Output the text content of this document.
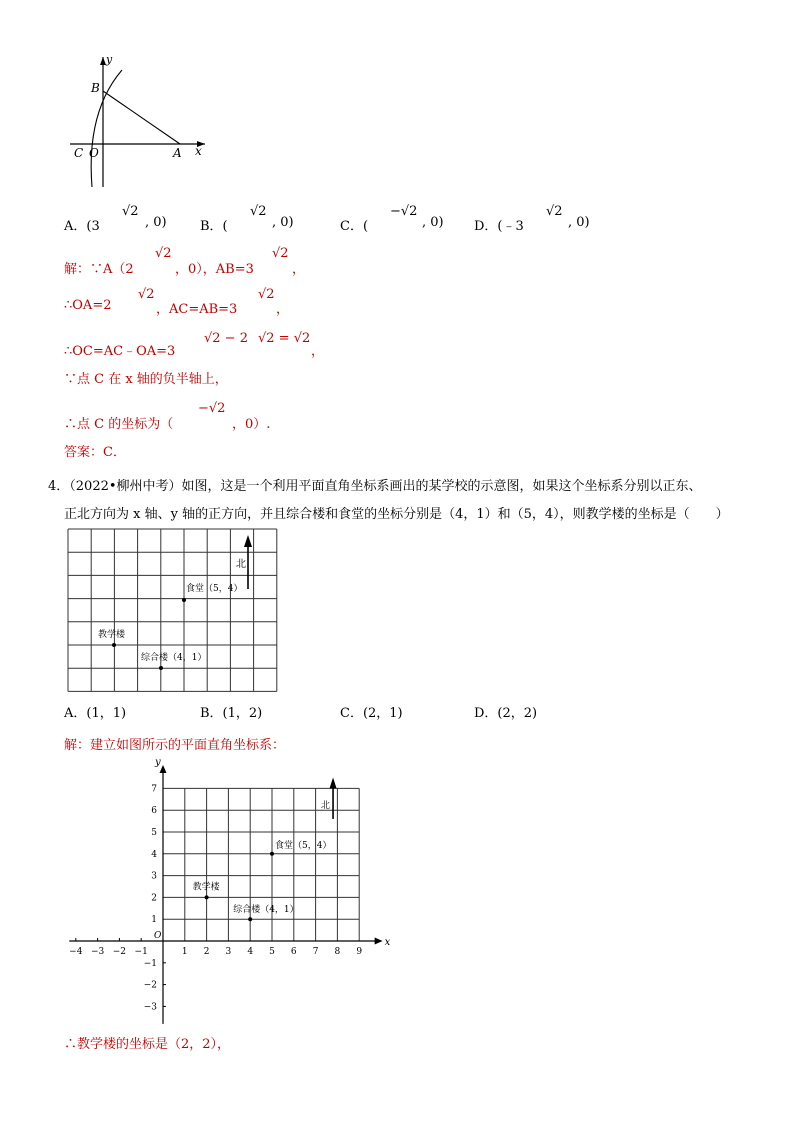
y
x
B
C O	A
A．(3
√2
, 0)	B．(
√2
, 0)	C．(
−√2
, 0) D．(﹣3
√2
, 0)
解：∵A（2
√2
，0），AB=3
√2
，
∴OA=2
√2
，AC=AB=3
√2
，
∴OC=AC﹣OA=3
√2 − 2 √2 = √2
，
∵点 C 在 x 轴的负半轴上，
∴点 C 的坐标为（
−√2
，0）.
答案：C．
4．（2022•柳州中考）如图，这是一个利用平面直角坐标系画出的某学校的示意图，如果这个坐标系分别以正东、
正北方向为 x 轴、y 轴的正方向，并且综合楼和食堂的坐标分别是（4，1）和（5，4），则教学楼的坐标是（　　）
北
食堂（5，4）
教学楼
综合楼（4，1）
A．(1，1)	B．(1，2)	C．(2，1)	D．(2，2)
解：建立如图所示的平面直角坐标系：
x
y
O
−4 −3 −2 −1	1 2 3 4 5 6 7 8 9
−3
−2
−1
1
2
3
4
5
6
7
食堂（5，4）
教学楼
综合楼（4，1）
北
∴教学楼的坐标是（2，2），
